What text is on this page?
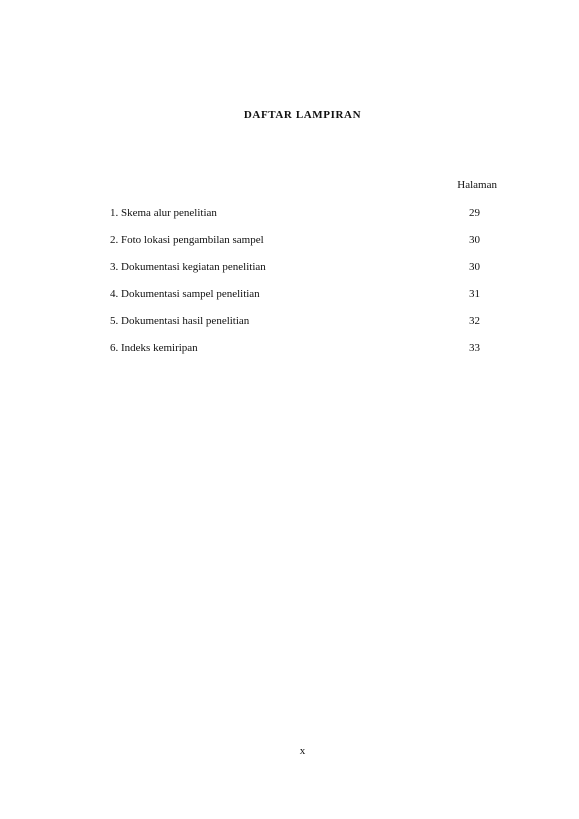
DAFTAR LAMPIRAN
Halaman
1. Skema alur penelitian	29
2. Foto lokasi pengambilan sampel	30
3. Dokumentasi kegiatan penelitian	30
4. Dokumentasi sampel penelitian	31
5. Dokumentasi hasil penelitian	32
6. Indeks kemiripan	33
x
